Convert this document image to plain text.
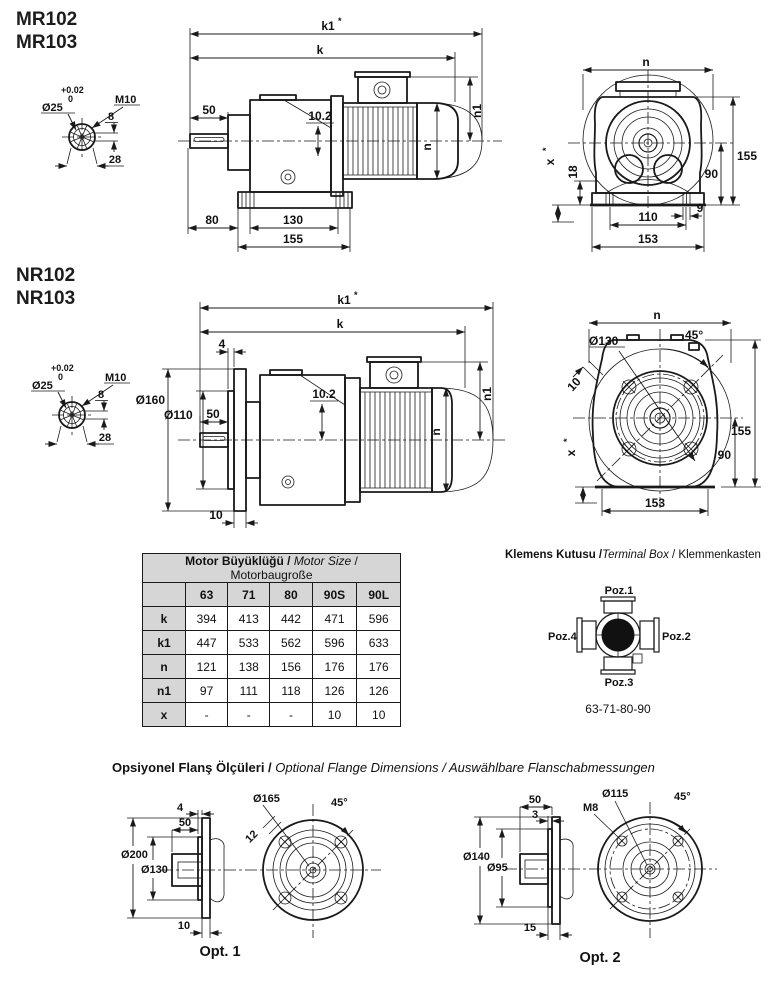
MR102
MR103
+0.02
0
Ø25
M10
8
28
k1 *
k
50	10.2
n
n1
80	130
155
n
18
x
*	155
90
9
110
153
NR102
NR103
+0.02
0
Ø25
M10
8
28
k1 *
k
4
Ø160
Ø110 50
10.2
n
n1
10
n
Ø130	45°
10
x
*
155
90
153
Motor Büyüklüğü / Motor Size / Motorbaugroße					
	63	71	80	90S	90L
k	394	413	442	471	596
k1	447	533	562	596	633
n	121	138	156	176	176
n1	97	111	118	126	126
x	-	-	-	10	10
Klemens Kutusu /Terminal Box / Klemmenkasten
Poz.1
Poz.2
Poz.3
Poz.4
63-71-80-90
Opsiyonel Flanş Ölçüleri / Optional Flange Dimensions / Auswählbare Flanschabmessungen
4
50
Ø200
Ø130
10
Ø165	45°
12
Opt. 1
50
3
Ø140
Ø95
15
Ø115
M8
45°
Opt. 2
